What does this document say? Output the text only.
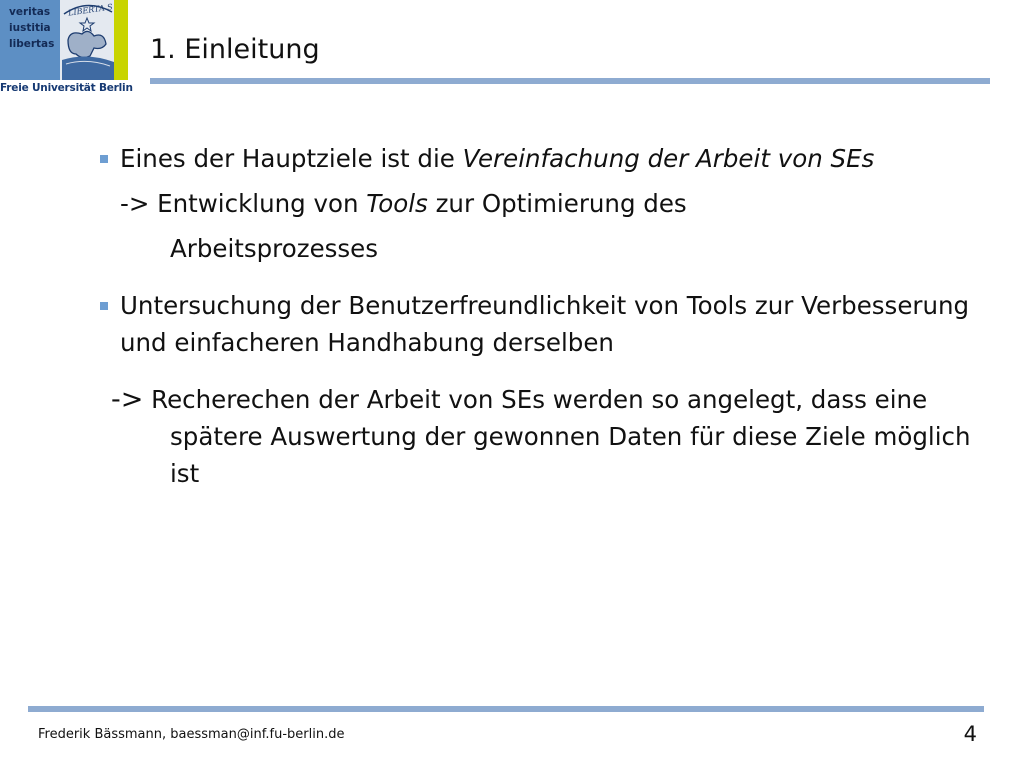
veritas
iustitia
libertas
LIBERTA S
Freie Universität Berlin
1. Einleitung

Eines der Hauptziele ist die Vereinfachung der Arbeit von SEs

-> Entwicklung von Tools zur Optimierung des

Arbeitsprozesses

Untersuchung der Benutzerfreundlichkeit von Tools zur Verbesserung und einfacheren Handhabung derselben

-> Recherechen der Arbeit von SEs werden so angelegt, dass eine spätere Auswertung der gewonnen Daten für diese Ziele möglich ist

Frederik Bässmann, baessman@inf.fu-berlin.de	4
